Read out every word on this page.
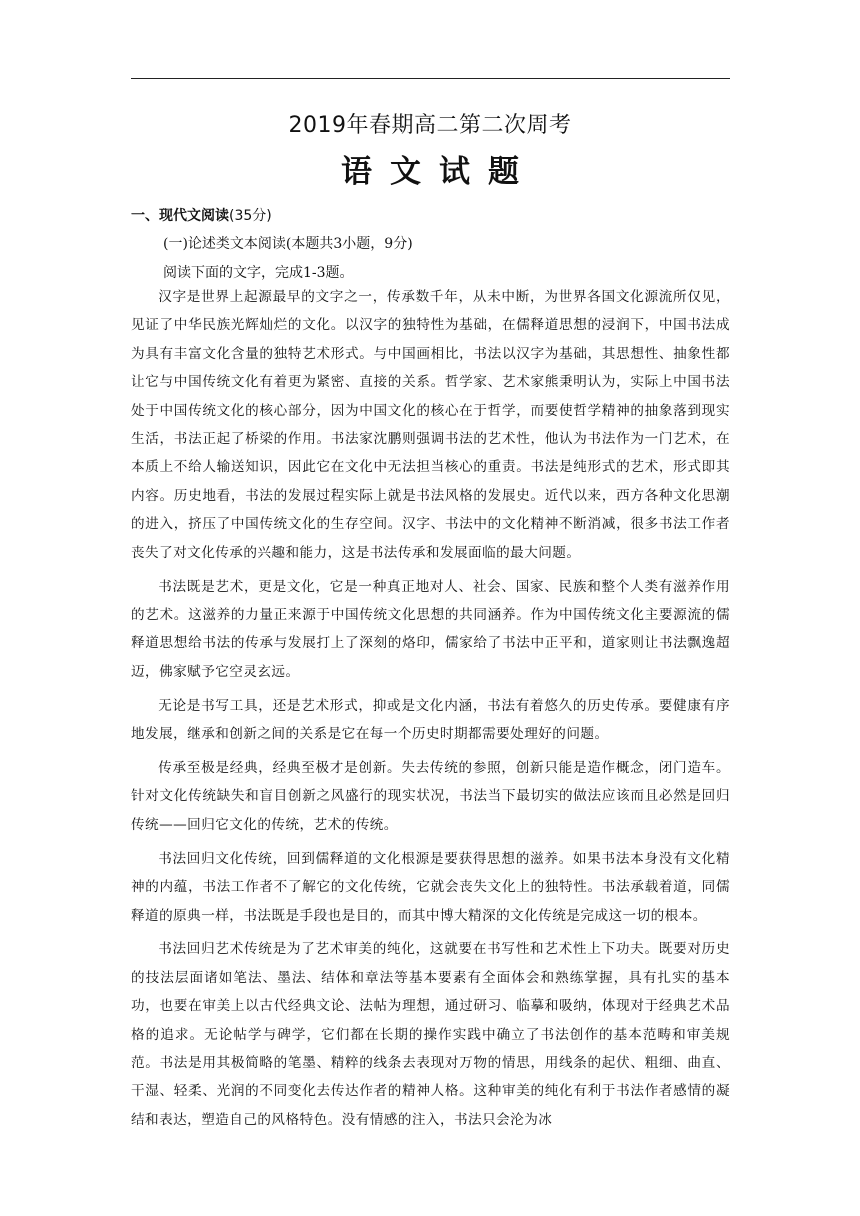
2019年春期高二第二次周考
语文试题
一、现代文阅读(35分)
(一)论述类文本阅读(本题共3小题，9分)
阅读下面的文字，完成1-3题。

汉字是世界上起源最早的文字之一，传承数千年，从未中断，为世界各国文化源流所仅见，见证了中华民族光辉灿烂的文化。以汉字的独特性为基础，在儒释道思想的浸润下，中国书法成为具有丰富文化含量的独特艺术形式。与中国画相比，书法以汉字为基础，其思想性、抽象性都让它与中国传统文化有着更为紧密、直接的关系。哲学家、艺术家熊秉明认为，实际上中国书法处于中国传统文化的核心部分，因为中国文化的核心在于哲学，而要使哲学精神的抽象落到现实生活，书法正起了桥梁的作用。书法家沈鹏则强调书法的艺术性，他认为书法作为一门艺术，在本质上不给人输送知识，因此它在文化中无法担当核心的重责。书法是纯形式的艺术，形式即其内容。历史地看，书法的发展过程实际上就是书法风格的发展史。近代以来，西方各种文化思潮的进入，挤压了中国传统文化的生存空间。汉字、书法中的文化精神不断消减，很多书法工作者丧失了对文化传承的兴趣和能力，这是书法传承和发展面临的最大问题。

书法既是艺术，更是文化，它是一种真正地对人、社会、国家、民族和整个人类有滋养作用的艺术。这滋养的力量正来源于中国传统文化思想的共同涵养。作为中国传统文化主要源流的儒释道思想给书法的传承与发展打上了深刻的烙印，儒家给了书法中正平和，道家则让书法飘逸超迈，佛家赋予它空灵玄远。

无论是书写工具，还是艺术形式，抑或是文化内涵，书法有着悠久的历史传承。要健康有序地发展，继承和创新之间的关系是它在每一个历史时期都需要处理好的问题。

传承至极是经典，经典至极才是创新。失去传统的参照，创新只能是造作概念，闭门造车。针对文化传统缺失和盲目创新之风盛行的现实状况，书法当下最切实的做法应该而且必然是回归传统——回归它文化的传统，艺术的传统。

书法回归文化传统，回到儒释道的文化根源是要获得思想的滋养。如果书法本身没有文化精神的内蕴，书法工作者不了解它的文化传统，它就会丧失文化上的独特性。书法承载着道，同儒释道的原典一样，书法既是手段也是目的，而其中博大精深的文化传统是完成这一切的根本。

书法回归艺术传统是为了艺术审美的纯化，这就要在书写性和艺术性上下功夫。既要对历史的技法层面诸如笔法、墨法、结体和章法等基本要素有全面体会和熟练掌握，具有扎实的基本功，也要在审美上以古代经典文论、法帖为理想，通过研习、临摹和吸纳，体现对于经典艺术品格的追求。无论帖学与碑学，它们都在长期的操作实践中确立了书法创作的基本范畴和审美规范。书法是用其极简略的笔墨、精粹的线条去表现对万物的情思，用线条的起伏、粗细、曲直、干湿、轻柔、光润的不同变化去传达作者的精神人格。这种审美的纯化有利于书法作者感情的凝结和表达，塑造自己的风格特色。没有情感的注入，书法只会沦为冰
